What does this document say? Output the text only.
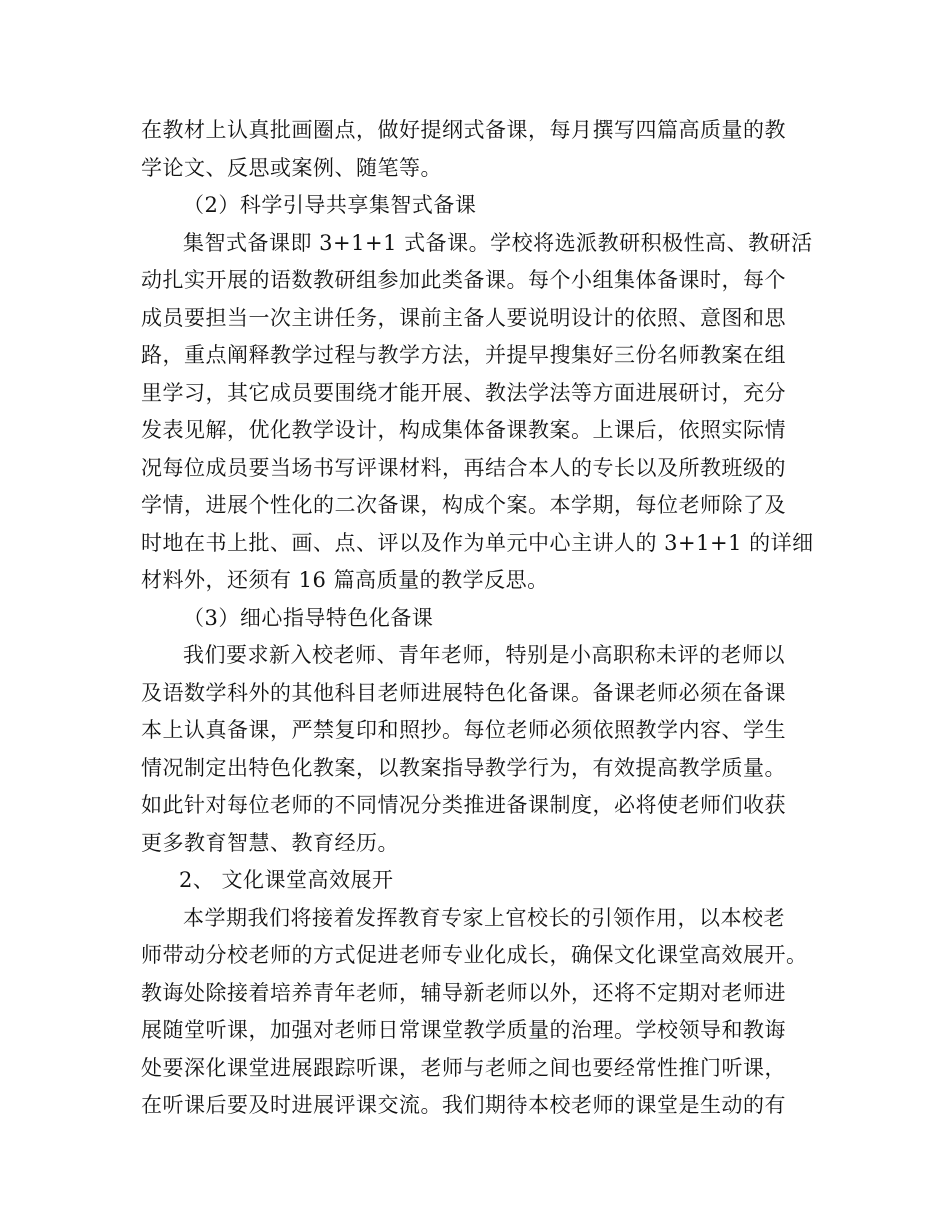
在教材上认真批画圈点，做好提纲式备课，每月撰写四篇高质量的教
学论文、反思或案例、随笔等。
（2）科学引导共享集智式备课
集智式备课即 3+1+1 式备课。学校将选派教研积极性高、教研活
动扎实开展的语数教研组参加此类备课。每个小组集体备课时，每个
成员要担当一次主讲任务，课前主备人要说明设计的依照、意图和思
路，重点阐释教学过程与教学方法，并提早搜集好三份名师教案在组
里学习，其它成员要围绕才能开展、教法学法等方面进展研讨，充分
发表见解，优化教学设计，构成集体备课教案。上课后，依照实际情
况每位成员要当场书写评课材料，再结合本人的专长以及所教班级的
学情，进展个性化的二次备课，构成个案。本学期，每位老师除了及
时地在书上批、画、点、评以及作为单元中心主讲人的 3+1+1 的详细
材料外，还须有 16 篇高质量的教学反思。
（3）细心指导特色化备课
我们要求新入校老师、青年老师，特别是小高职称未评的老师以
及语数学科外的其他科目老师进展特色化备课。备课老师必须在备课
本上认真备课，严禁复印和照抄。每位老师必须依照教学内容、学生
情况制定出特色化教案，以教案指导教学行为，有效提高教学质量。
如此针对每位老师的不同情况分类推进备课制度，必将使老师们收获
更多教育智慧、教育经历。
2、 文化课堂高效展开
本学期我们将接着发挥教育专家上官校长的引领作用，以本校老
师带动分校老师的方式促进老师专业化成长，确保文化课堂高效展开。
教诲处除接着培养青年老师，辅导新老师以外，还将不定期对老师进
展随堂听课，加强对老师日常课堂教学质量的治理。学校领导和教诲
处要深化课堂进展跟踪听课，老师与老师之间也要经常性推门听课，
在听课后要及时进展评课交流。我们期待本校老师的课堂是生动的有
